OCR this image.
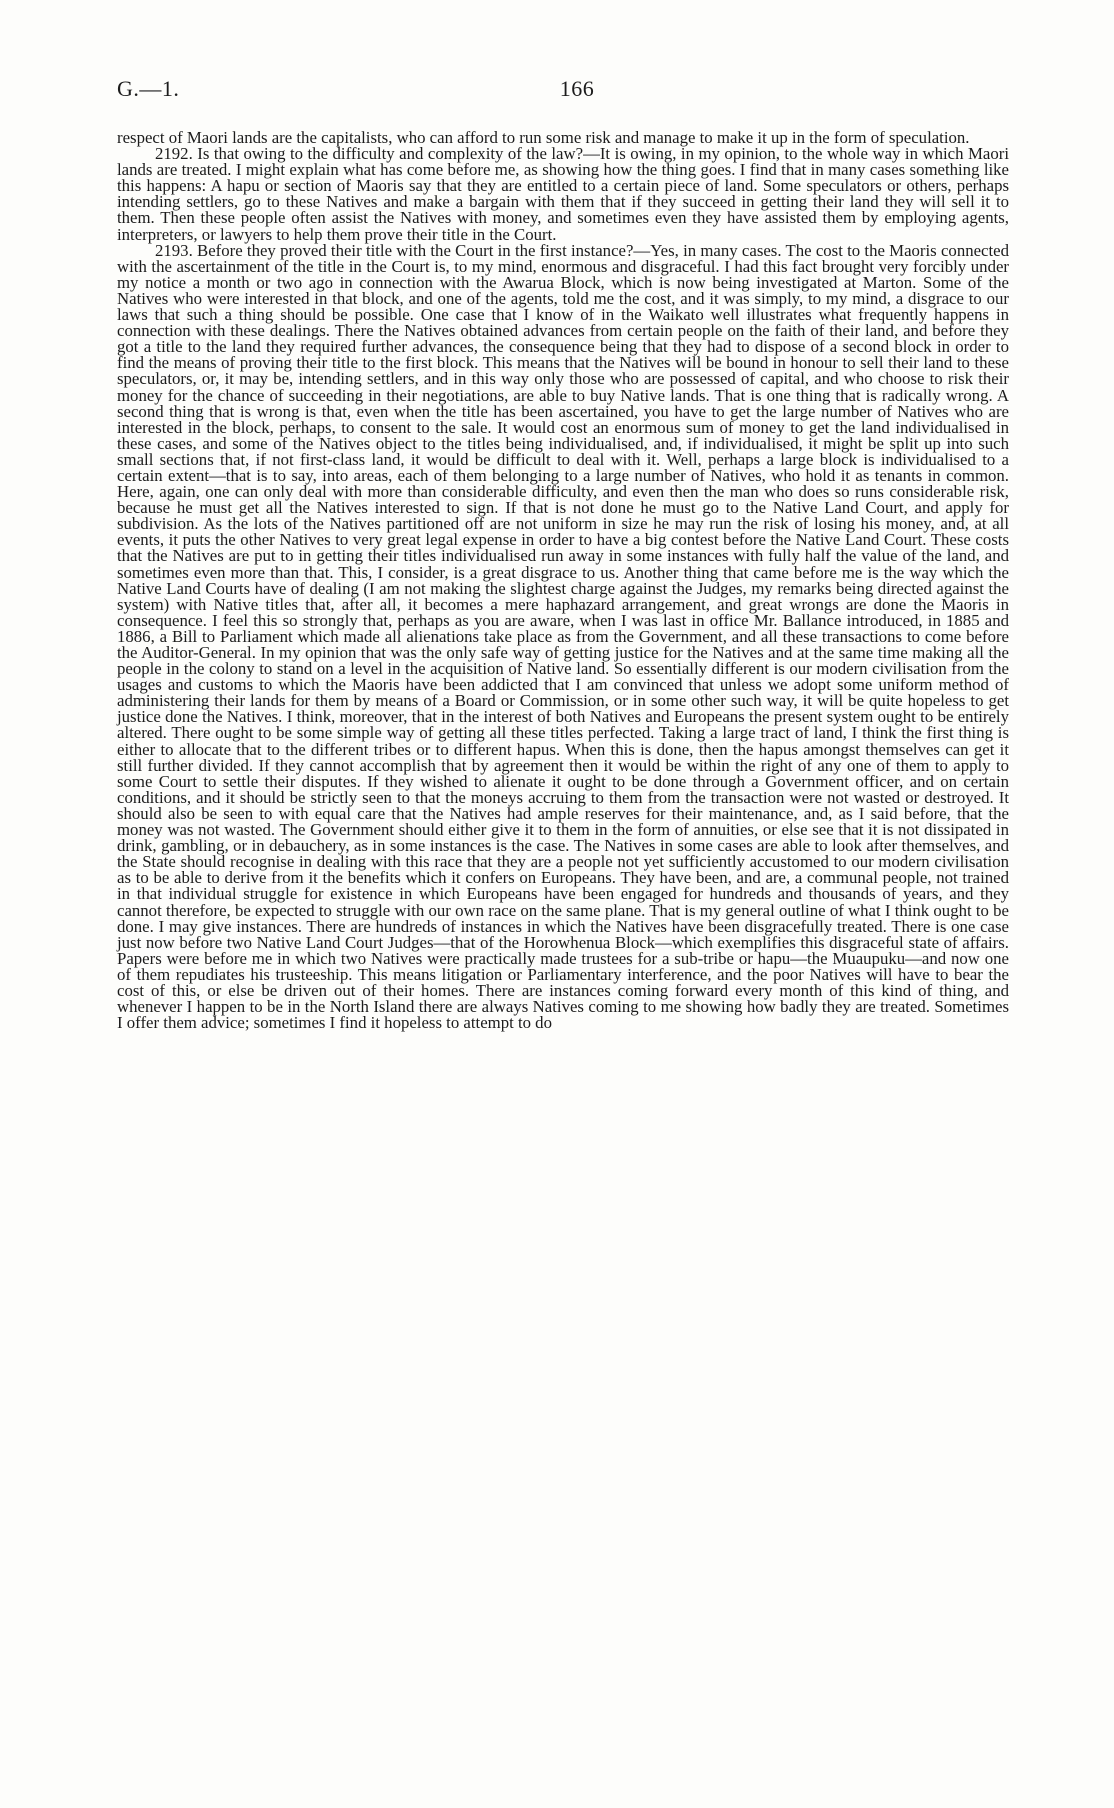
G.—1.	166

respect of Maori lands are the capitalists, who can afford to run some risk and manage to make it up in the form of speculation.

2192. Is that owing to the difficulty and complexity of the law?—It is owing, in my opinion, to the whole way in which Maori lands are treated. I might explain what has come before me, as showing how the thing goes. I find that in many cases something like this happens: A hapu or section of Maoris say that they are entitled to a certain piece of land. Some speculators or others, perhaps intending settlers, go to these Natives and make a bargain with them that if they succeed in getting their land they will sell it to them. Then these people often assist the Natives with money, and sometimes even they have assisted them by employing agents, interpreters, or lawyers to help them prove their title in the Court.

2193. Before they proved their title with the Court in the first instance?—Yes, in many cases. The cost to the Maoris connected with the ascertainment of the title in the Court is, to my mind, enormous and disgraceful. I had this fact brought very forcibly under my notice a month or two ago in connection with the Awarua Block, which is now being investigated at Marton. Some of the Natives who were interested in that block, and one of the agents, told me the cost, and it was simply, to my mind, a disgrace to our laws that such a thing should be possible. One case that I know of in the Waikato well illustrates what frequently happens in connection with these dealings. There the Natives obtained advances from certain people on the faith of their land, and before they got a title to the land they required further advances, the consequence being that they had to dispose of a second block in order to find the means of proving their title to the first block. This means that the Natives will be bound in honour to sell their land to these speculators, or, it may be, intending settlers, and in this way only those who are possessed of capital, and who choose to risk their money for the chance of succeeding in their negotiations, are able to buy Native lands. That is one thing that is radically wrong. A second thing that is wrong is that, even when the title has been ascertained, you have to get the large number of Natives who are interested in the block, perhaps, to consent to the sale. It would cost an enormous sum of money to get the land individualised in these cases, and some of the Natives object to the titles being individualised, and, if individualised, it might be split up into such small sections that, if not first-class land, it would be difficult to deal with it. Well, perhaps a large block is individualised to a certain extent—that is to say, into areas, each of them belonging to a large number of Natives, who hold it as tenants in common. Here, again, one can only deal with more than considerable difficulty, and even then the man who does so runs considerable risk, because he must get all the Natives interested to sign. If that is not done he must go to the Native Land Court, and apply for subdivision. As the lots of the Natives partitioned off are not uniform in size he may run the risk of losing his money, and, at all events, it puts the other Natives to very great legal expense in order to have a big contest before the Native Land Court. These costs that the Natives are put to in getting their titles individualised run away in some instances with fully half the value of the land, and sometimes even more than that. This, I consider, is a great disgrace to us. Another thing that came before me is the way which the Native Land Courts have of dealing (I am not making the slightest charge against the Judges, my remarks being directed against the system) with Native titles that, after all, it becomes a mere haphazard arrangement, and great wrongs are done the Maoris in consequence. I feel this so strongly that, perhaps as you are aware, when I was last in office Mr. Ballance introduced, in 1885 and 1886, a Bill to Parliament which made all alienations take place as from the Government, and all these transactions to come before the Auditor-General. In my opinion that was the only safe way of getting justice for the Natives and at the same time making all the people in the colony to stand on a level in the acquisition of Native land. So essentially different is our modern civilisation from the usages and customs to which the Maoris have been addicted that I am convinced that unless we adopt some uniform method of administering their lands for them by means of a Board or Commission, or in some other such way, it will be quite hopeless to get justice done the Natives. I think, moreover, that in the interest of both Natives and Europeans the present system ought to be entirely altered. There ought to be some simple way of getting all these titles perfected. Taking a large tract of land, I think the first thing is either to allocate that to the different tribes or to different hapus. When this is done, then the hapus amongst themselves can get it still further divided. If they cannot accomplish that by agreement then it would be within the right of any one of them to apply to some Court to settle their disputes. If they wished to alienate it ought to be done through a Government officer, and on certain conditions, and it should be strictly seen to that the moneys accruing to them from the transaction were not wasted or destroyed. It should also be seen to with equal care that the Natives had ample reserves for their maintenance, and, as I said before, that the money was not wasted. The Government should either give it to them in the form of annuities, or else see that it is not dissipated in drink, gambling, or in debauchery, as in some instances is the case. The Natives in some cases are able to look after themselves, and the State should recognise in dealing with this race that they are a people not yet sufficiently accustomed to our modern civilisation as to be able to derive from it the benefits which it confers on Europeans. They have been, and are, a communal people, not trained in that individual struggle for existence in which Europeans have been engaged for hundreds and thousands of years, and they cannot therefore, be expected to struggle with our own race on the same plane. That is my general outline of what I think ought to be done. I may give instances. There are hundreds of instances in which the Natives have been disgracefully treated. There is one case just now before two Native Land Court Judges—that of the Horowhenua Block—which exemplifies this disgraceful state of affairs. Papers were before me in which two Natives were practically made trustees for a sub-tribe or hapu—the Muaupuku—and now one of them repudiates his trusteeship. This means litigation or Parliamentary interference, and the poor Natives will have to bear the cost of this, or else be driven out of their homes. There are instances coming forward every month of this kind of thing, and whenever I happen to be in the North Island there are always Natives coming to me showing how badly they are treated. Sometimes I offer them advice; sometimes I find it hopeless to attempt to do
